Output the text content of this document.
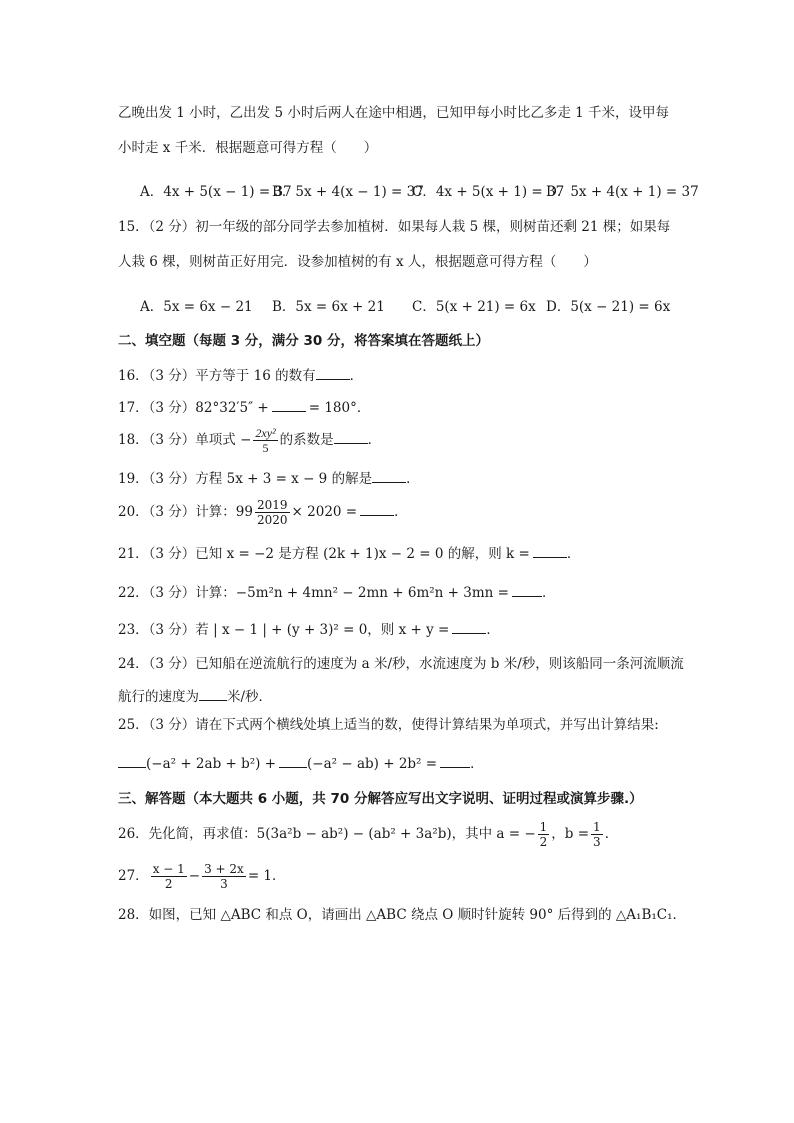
乙晚出发 1 小时，乙出发 5 小时后两人在途中相遇，已知甲每小时比乙多走 1 千米，设甲每
小时走 x 千米．根据题意可得方程（　　）
A．4x + 5(x − 1) = 37
B．5x + 4(x − 1) = 37
C．4x + 5(x + 1) = 37
D．5x + 4(x + 1) = 37
15．（2 分）初一年级的部分同学去参加植树．如果每人栽 5 棵，则树苗还剩 21 棵；如果每
人栽 6 棵，则树苗正好用完．设参加植树的有 x 人，根据题意可得方程（　　）
A．5x = 6x − 21 B．5x = 6x + 21 C．5(x + 21) = 6x D．5(x − 21) = 6x
二、填空题（每题 3 分，满分 30 分，将答案填在答题纸上）
16．（3 分）平方等于 16 的数有	．
17．（3 分）82°32′5″ +	= 180°．
18．（3 分）单项式 − $\frac{\text{2xy²}}{5}$ 的系数是	．
19．（3 分）方程 5x + 3 = x − 9 的解是	．
20．（3 分）计算：$99 \frac{2019}{2020} \times 2020$ =	．
21．（3 分）已知 x = −2 是方程 (2k + 1)x − 2 = 0 的解，则 k =	．
22．（3 分）计算：−5m²n + 4mn² − 2mn + 6m²n + 3mn = ．
23．（3 分）若 | x − 1 | + (y + 3)² = 0，则 x + y =	．
24．（3 分）已知船在逆流航行的速度为 a 米/秒，水流速度为 b 米/秒，则该船同一条河流顺流
航行的速度为 米/秒．
25．（3 分）请在下式两个横线处填上适当的数，使得计算结果为单项式，并写出计算结果:
(−a² + 2ab + b²) + (−a² − ab) + 2b² = ．
三、解答题（本大题共 6 小题，共 70 分解答应写出文字说明、证明过程或演算步骤.）
26．先化简，再求值：5(3a²b − ab²) − (ab² + 3a²b)，其中 a = − $\frac{1}{2}$ ，$b = \frac{1}{3}$ ．
27． $\frac{x - 1}{2} - \frac{3 + 2x}{3} = 1$．
28．如图，已知 △ABC 和点 O，请画出 △ABC 绕点 O 顺时针旋转 90° 后得到的 △A₁B₁C₁．
